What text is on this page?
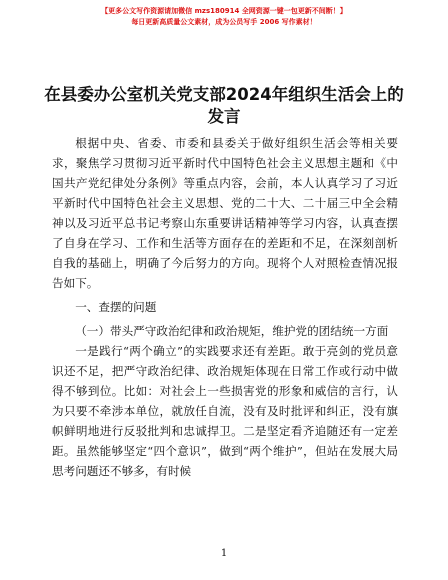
【更多公文写作资源请加微信 mzs180914 全网资源一键一包更新不间断！】
每日更新高质量公文素材，成为公员写手 2006 写作素材！
在县委办公室机关党支部2024年组织生活会上的发言

根据中央、省委、市委和县委关于做好组织生活会等相关要求，聚焦学习贯彻习近平新时代中国特色社会主义思想主题和《中国共产党纪律处分条例》等重点内容，会前，本人认真学习了习近平新时代中国特色社会主义思想、党的二十大、二十届三中全会精神以及习近平总书记考察山东重要讲话精神等学习内容，认真查摆了自身在学习、工作和生活等方面存在的差距和不足，在深刻剖析自我的基础上，明确了今后努力的方向。现将个人对照检查情况报告如下。

一、查摆的问题

（一）带头严守政治纪律和政治规矩，维护党的团结统一方面

一是践行“两个确立”的实践要求还有差距。敢于亮剑的党员意识还不足，把严守政治纪律、政治规矩体现在日常工作或行动中做得不够到位。比如：对社会上一些损害党的形象和威信的言行，认为只要不牵涉本单位，就放任自流，没有及时批评和纠正，没有旗帜鲜明地进行反驳批判和忠诚捍卫。二是坚定看齐追随还有一定差距。虽然能够坚定“四个意识”，做到“两个维护”，但站在发展大局思考问题还不够多，有时候

1
